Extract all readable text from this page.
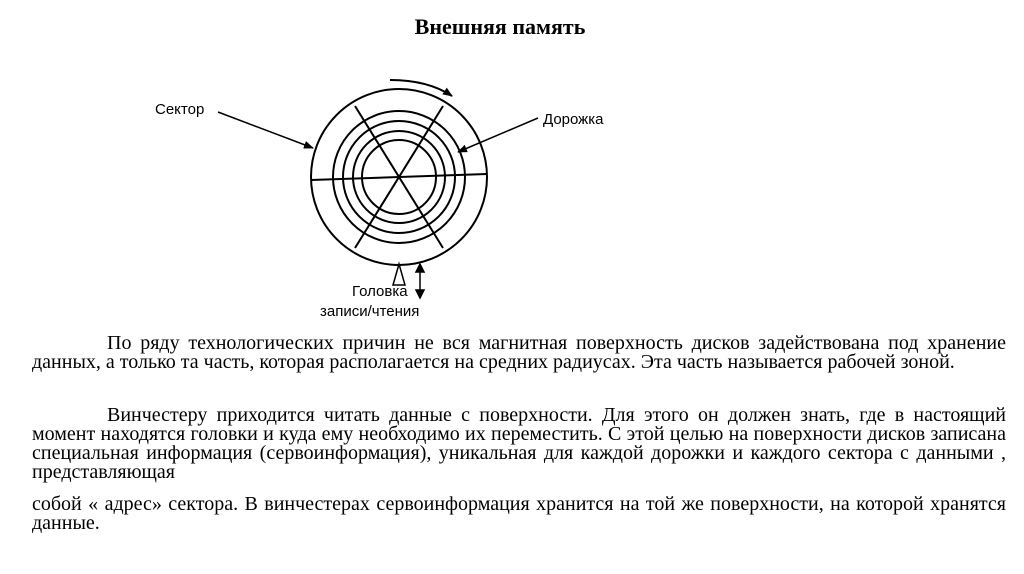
Внешняя память
Сектор
Дорожка
Головка
записи/чтения

По ряду технологических причин не вся магнитная поверхность дисков задействована под хранение данных, а только та часть, которая располагается на средних радиусах. Эта часть называется рабочей зоной.

Винчестеру приходится читать данные с поверхности. Для этого он должен знать, где в настоящий момент находятся головки и куда ему необходимо их переместить. С этой целью на поверхности дисков записана специальная информация (сервоинформация), уникальная для каждой дорожки и каждого сектора с данными , представляющая

собой « адрес» сектора. В винчестерах сервоинформация хранится на той же поверхности, на которой хранятся данные.
